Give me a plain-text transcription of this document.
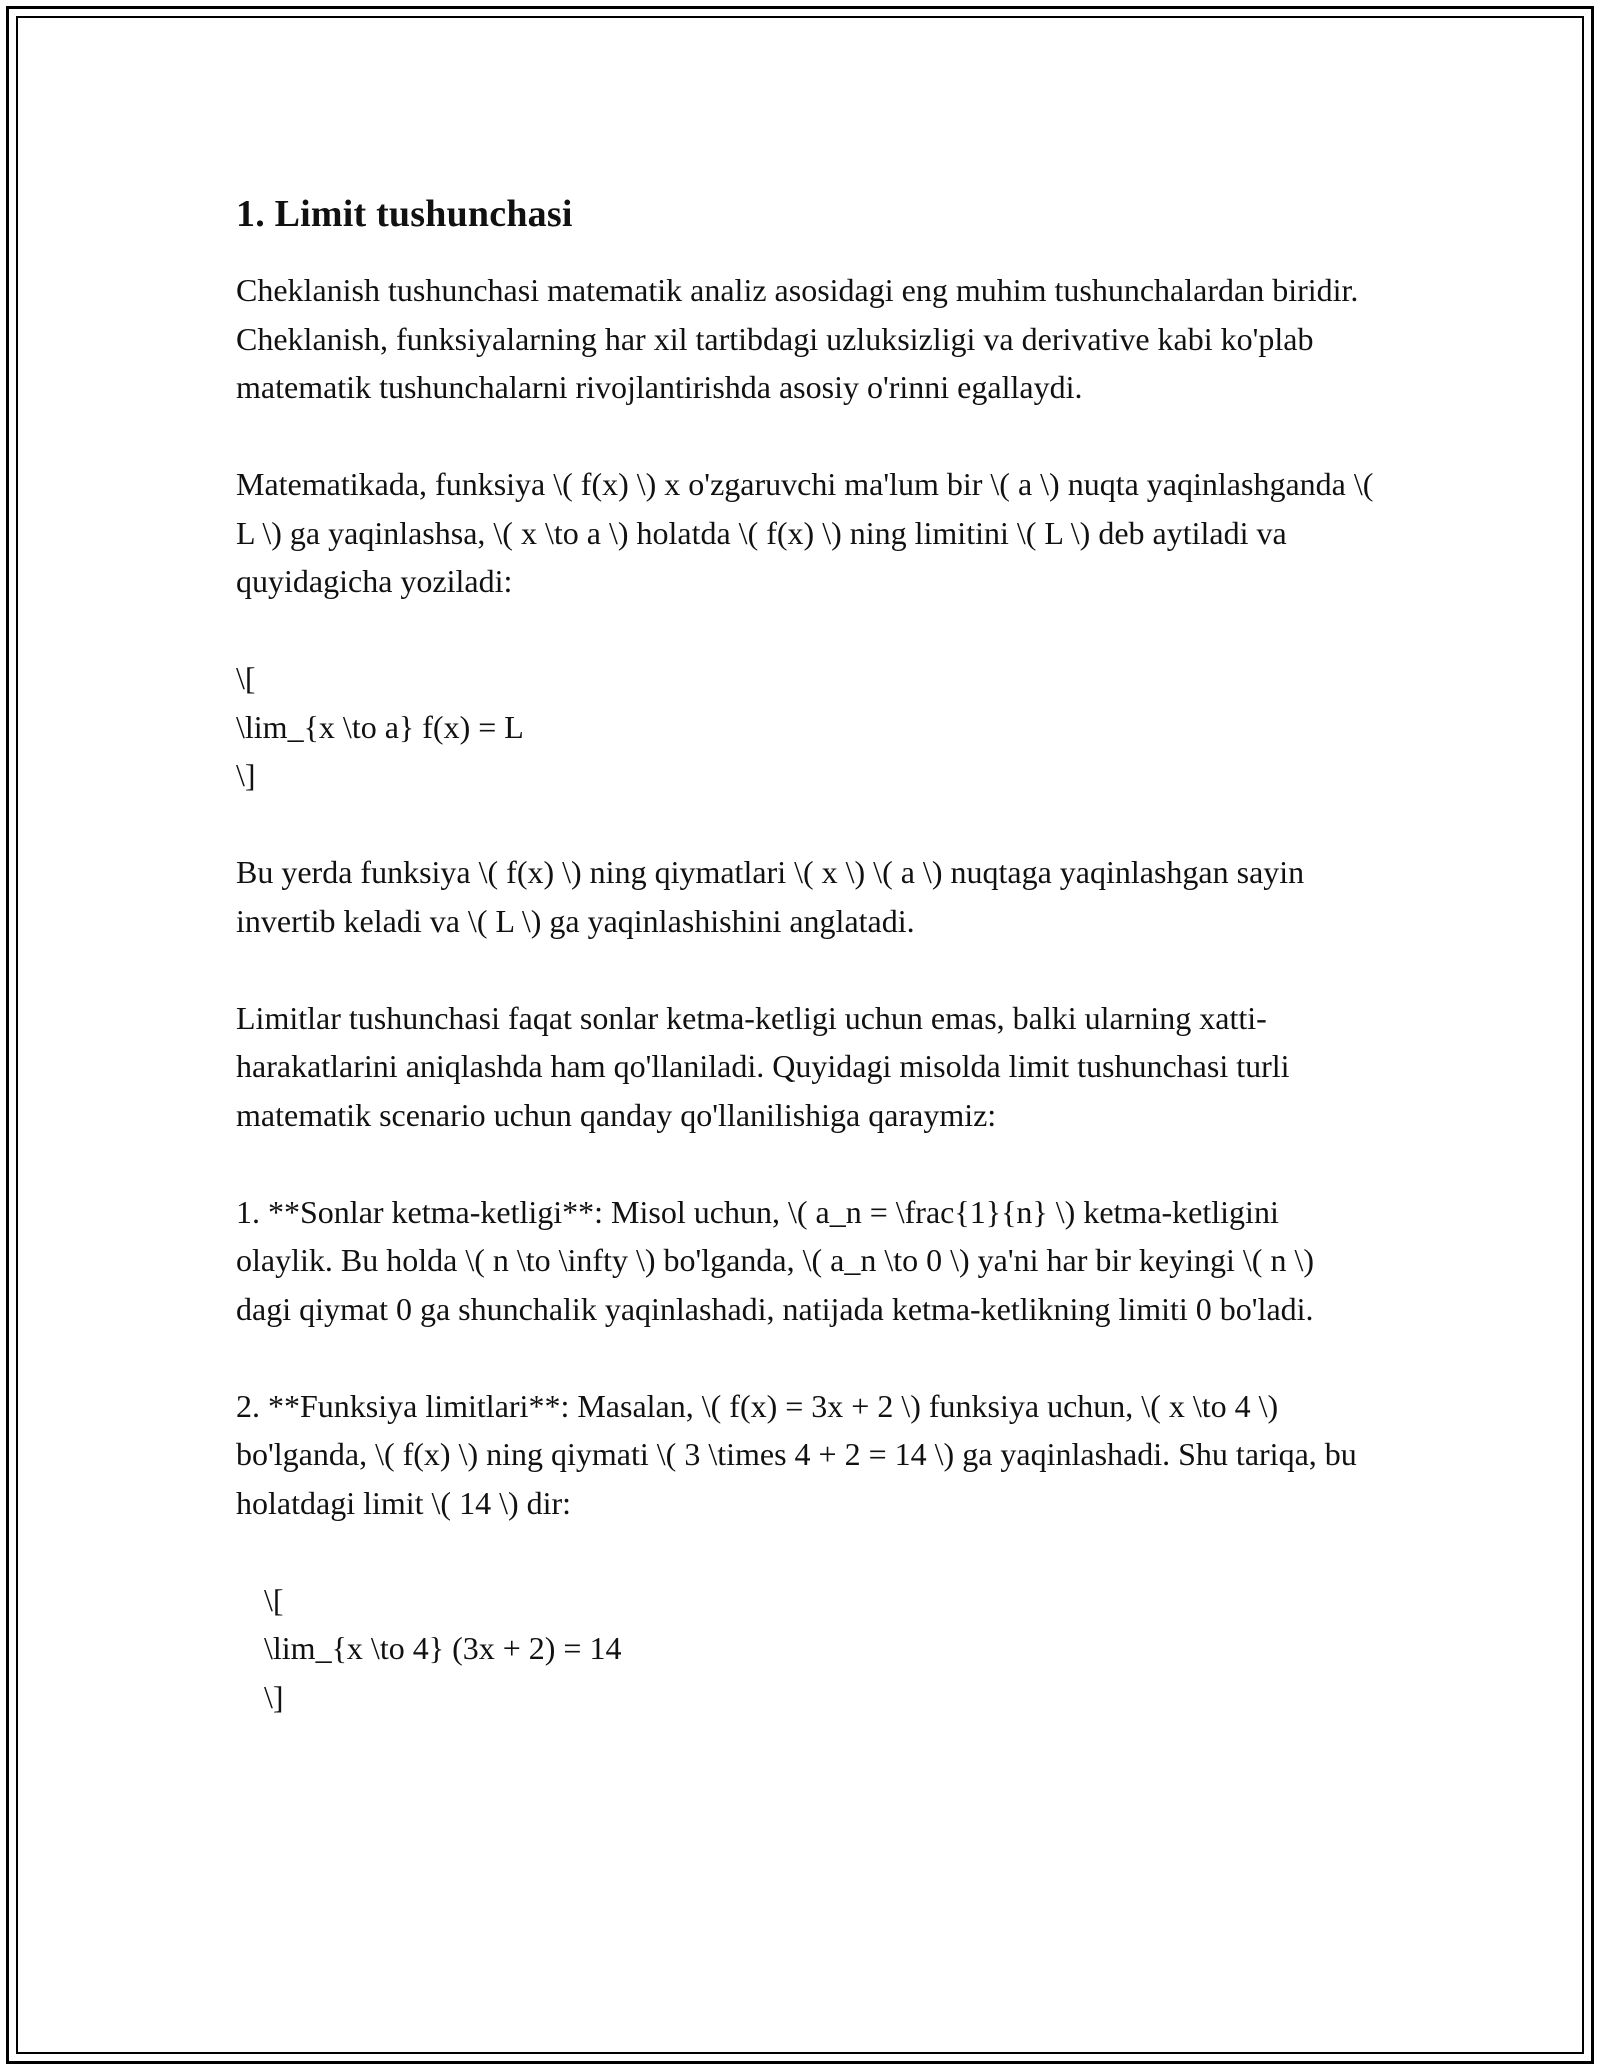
1. Limit tushunchasi

Cheklanish tushunchasi matematik analiz asosidagi eng muhim tushunchalardan biridir. Cheklanish, funksiyalarning har xil tartibdagi uzluksizligi va derivative kabi ko'plab matematik tushunchalarni rivojlantirishda asosiy o'rinni egallaydi.

Matematikada, funksiya \( f(x) \) x o'zgaruvchi ma'lum bir \( a \) nuqta yaqinlashganda \( L \) ga yaqinlashsa, \( x \to a \) holatda \( f(x) \) ning limitini \( L \) deb aytiladi va quyidagicha yoziladi:

\[
\lim_{x \to a} f(x) = L
\]

Bu yerda funksiya \( f(x) \) ning qiymatlari \( x \) \( a \) nuqtaga yaqinlashgan sayin invertib keladi va \( L \) ga yaqinlashishini anglatadi.

Limitlar tushunchasi faqat sonlar ketma-ketligi uchun emas, balki ularning xatti-harakatlarini aniqlashda ham qo'llaniladi. Quyidagi misolda limit tushunchasi turli matematik scenario uchun qanday qo'llanilishiga qaraymiz:

1. **Sonlar ketma-ketligi**: Misol uchun, \( a_n = \frac{1}{n} \) ketma-ketligini olaylik. Bu holda \( n \to \infty \) bo'lganda, \( a_n \to 0 \) ya'ni har bir keyingi \( n \) dagi qiymat 0 ga shunchalik yaqinlashadi, natijada ketma-ketlikning limiti 0 bo'ladi.

2. **Funksiya limitlari**: Masalan, \( f(x) = 3x + 2 \) funksiya uchun, \( x \to 4 \) bo'lganda, \( f(x) \) ning qiymati \( 3 \times 4 + 2 = 14 \) ga yaqinlashadi. Shu tariqa, bu holatdagi limit \( 14 \) dir:

\[
\lim_{x \to 4} (3x + 2) = 14
\]
